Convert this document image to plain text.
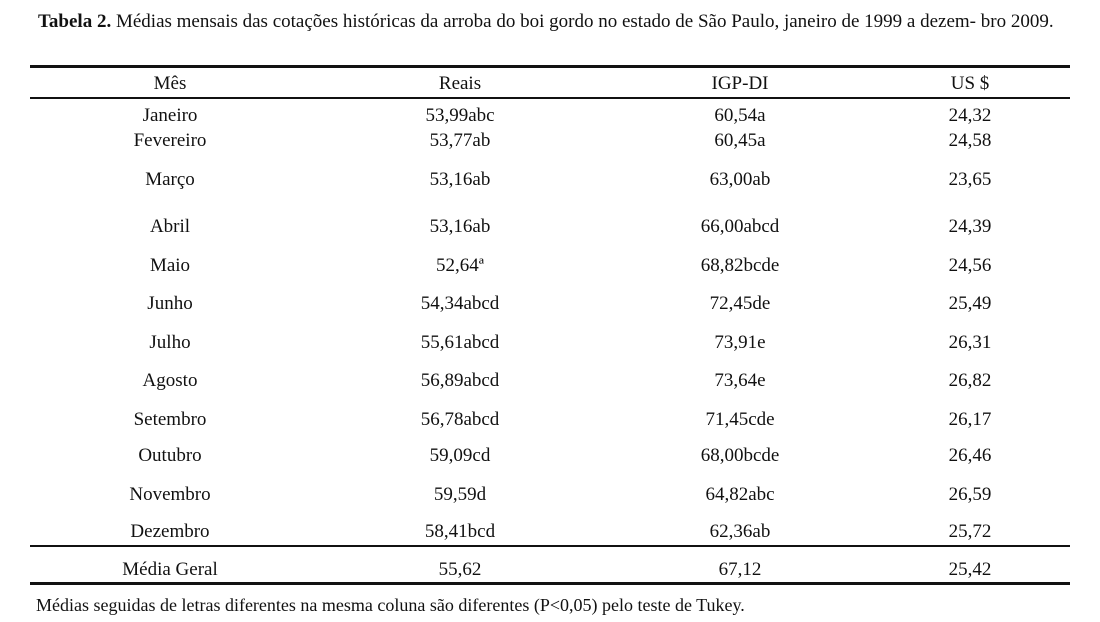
Tabela 2. Médias mensais das cotações históricas da arroba do boi gordo no estado de São Paulo, janeiro de 1999 a dezem- bro 2009.
Mês	Reais	IGP-DI	US $
Janeiro	53,99abc	60,54a	24,32
Fevereiro	53,77ab	60,45a	24,58
Março	53,16ab	63,00ab	23,65
Abril	53,16ab	66,00abcd	24,39
Maio	52,64ª	68,82bcde	24,56
Junho	54,34abcd	72,45de	25,49
Julho	55,61abcd	73,91e	26,31
Agosto	56,89abcd	73,64e	26,82
Setembro	56,78abcd	71,45cde	26,17
Outubro	59,09cd	68,00bcde	26,46
Novembro	59,59d	64,82abc	26,59
Dezembro	58,41bcd	62,36ab	25,72
Média Geral	55,62	67,12	25,42
Médias seguidas de letras diferentes na mesma coluna são diferentes (P<0,05) pelo teste de Tukey.
